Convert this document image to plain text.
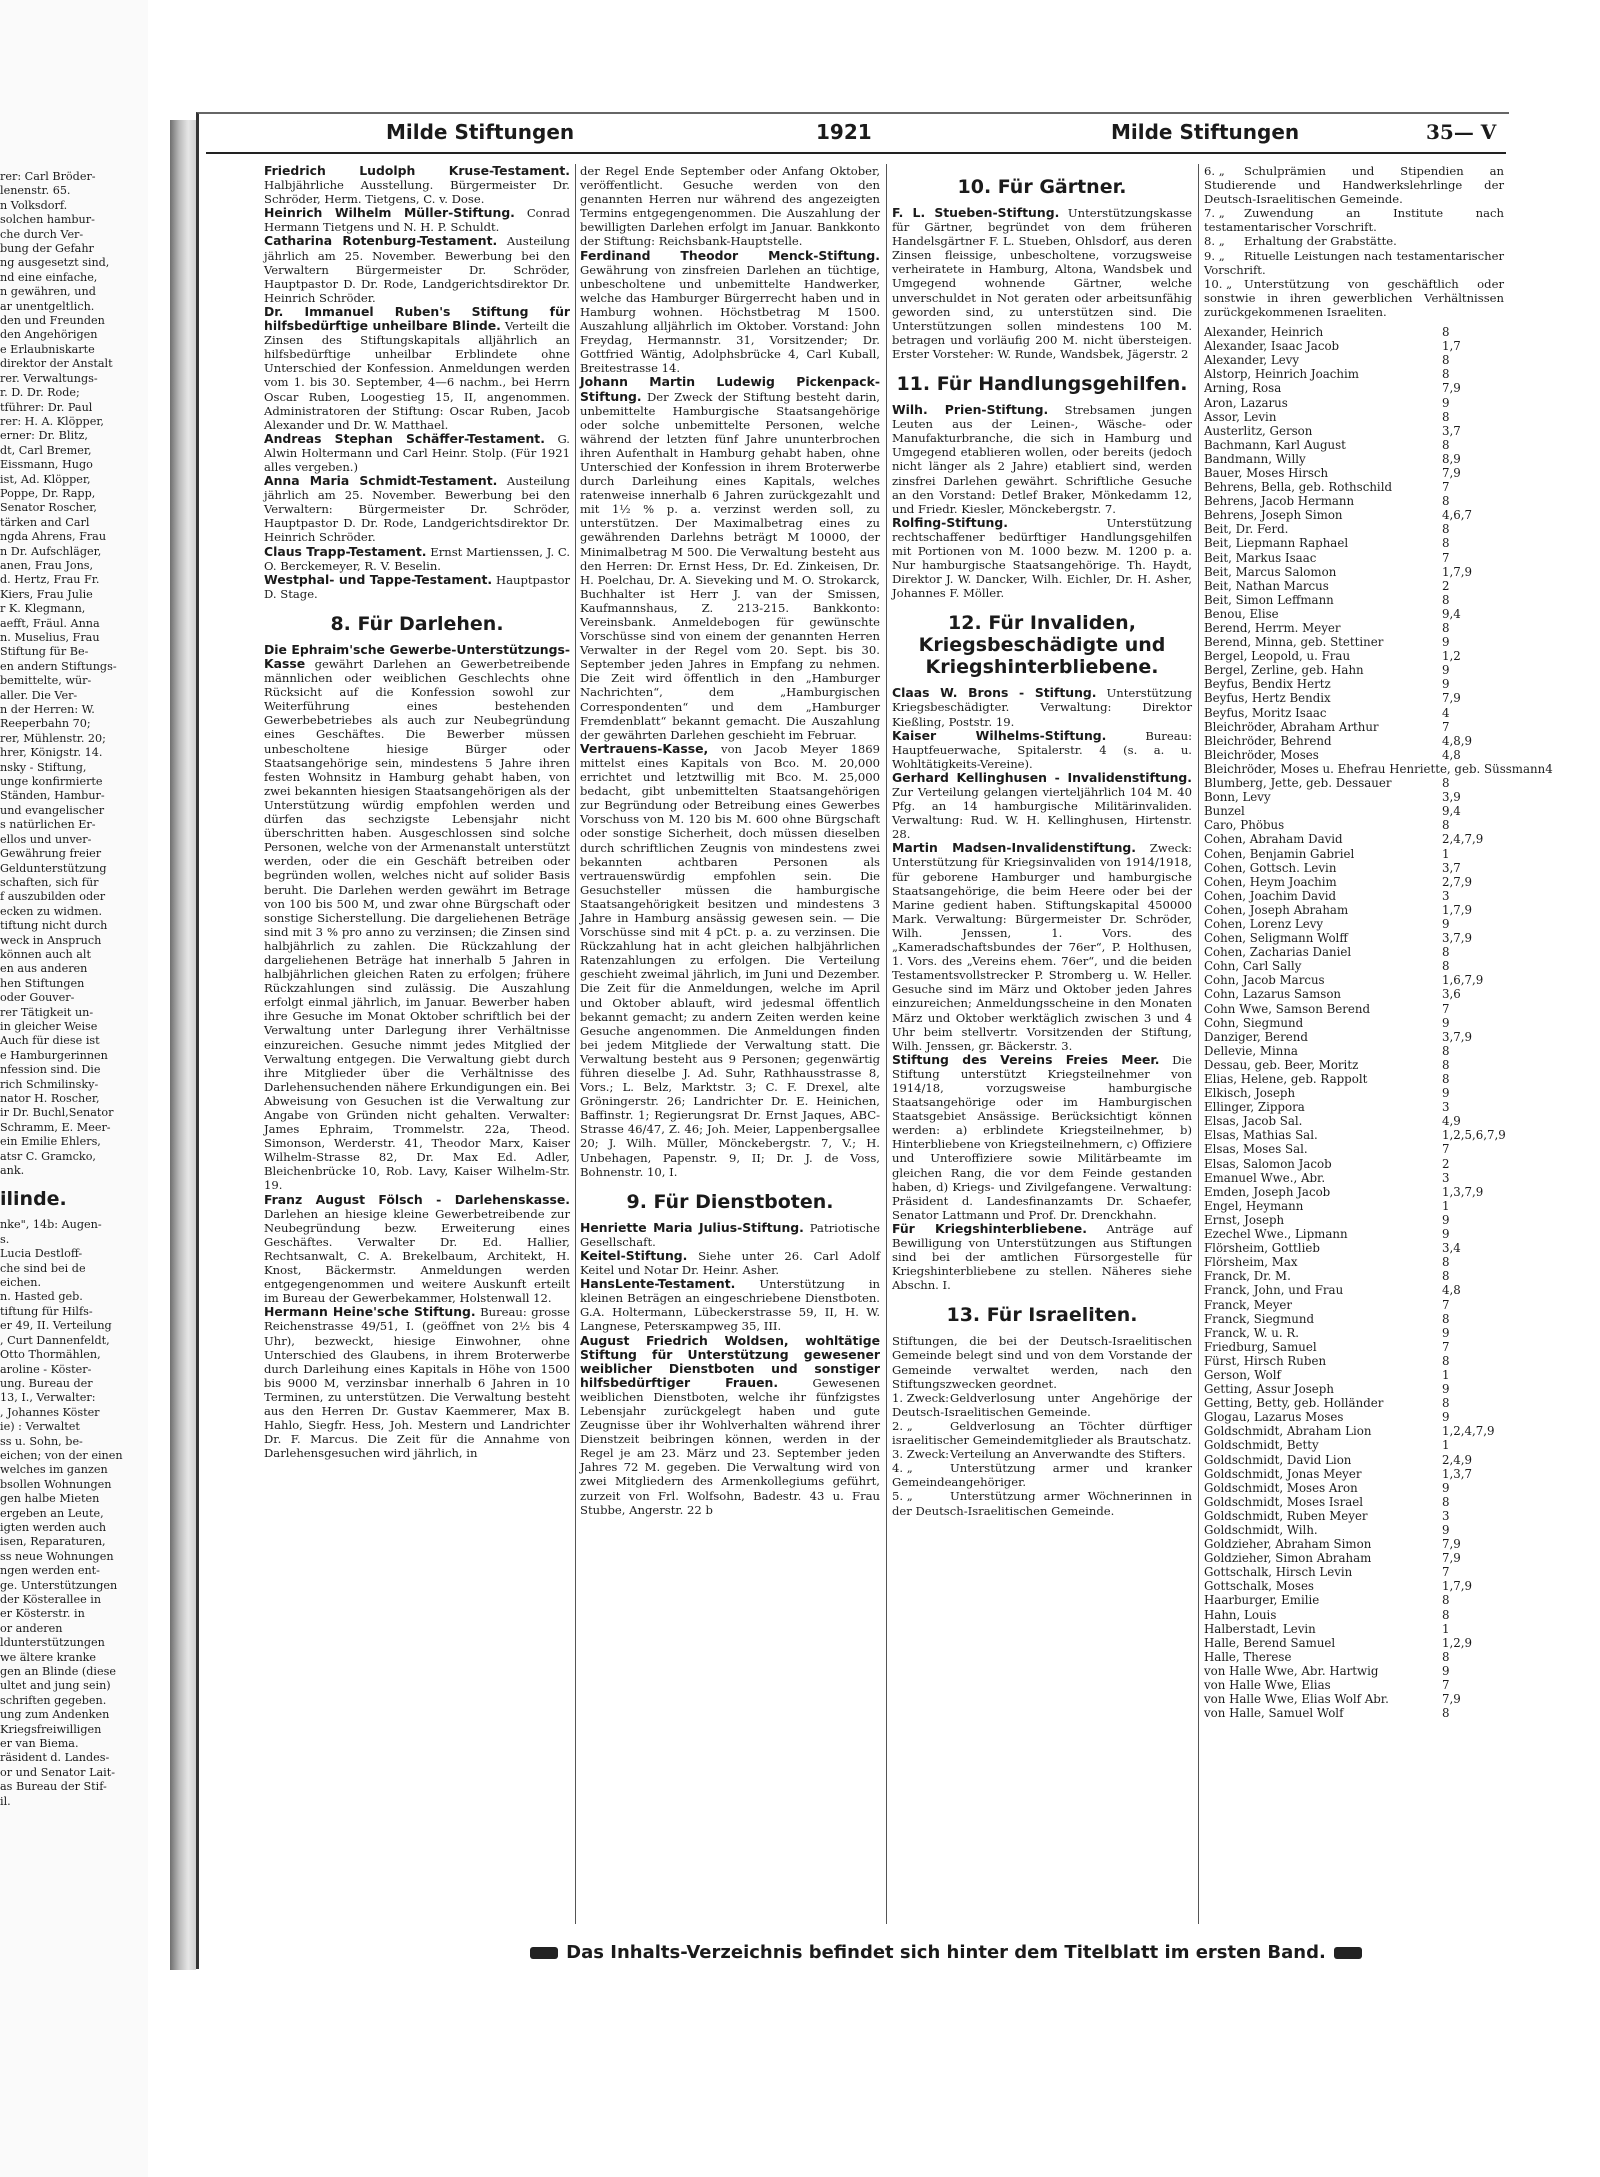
rer: Carl Bröder-

lenenstr. 65.

n Volksdorf.

solchen hambur-

che durch Ver-

bung der Gefahr

ng ausgesetzt sind,

nd eine einfache,

n gewähren, und

ar unentgeltlich.

den und Freunden

den Angehörigen

e Erlaubniskarte

direktor der Anstalt

rer. Verwaltungs-

r. D. Dr. Rode;

tführer: Dr. Paul

rer: H. A. Klöpper,

erner: Dr. Blitz,

dt, Carl Bremer,

Eissmann, Hugo

ist, Ad. Klöpper,

Poppe, Dr. Rapp,

Senator Roscher,

tärken and Carl

ngda Ahrens, Frau

n Dr. Aufschläger,

anen, Frau Jons,

d. Hertz, Frau Fr.

Kiers, Frau Julie

r K. Klegmann,

aefft, Fräul. Anna

n. Muselius, Frau

Stiftung für Be-

en andern Stiftungs-

bemittelte, wür-

aller. Die Ver-

n der Herren: W.

Reeperbahn 70;

rer, Mühlenstr. 20;

hrer, Königstr. 14.

nsky - Stiftung,

unge konfirmierte

Ständen, Hambur-

und evangelischer

s natürlichen Er-

ellos und unver-

Gewährung freier

Geldunterstützung

schaften, sich für

f auszubilden oder

ecken zu widmen.

tiftung nicht durch

weck in Anspruch

können auch alt

en aus anderen

hen Stiftungen

oder Gouver-

rer Tätigkeit un-

in gleicher Weise

Auch für diese ist

e Hamburgerinnen

nfession sind. Die

rich Schmilinsky-

nator H. Roscher,

ir Dr. Buchl,Senator

Schramm, E. Meer-

ein Emilie Ehlers,

atsr C. Gramcko,

ank.

ilinde.

nke", 14b: Augen-

s.

Lucia Destloff-

che sind bei de

eichen.

n. Hasted geb.

tiftung für Hilfs-

er 49, II. Verteilung

, Curt Dannenfeldt,

Otto Thormählen,

aroline - Köster-

ung. Bureau der

13, I., Verwalter:

, Johannes Köster

ie) : Verwaltet

ss u. Sohn, be-

eichen; von der einen

welches im ganzen

bsollen Wohnungen

gen halbe Mieten

ergeben an Leute,

igten werden auch

isen, Reparaturen,

ss neue Wohnungen

ngen werden ent-

ge. Unterstützungen

der Kösterallee in

er Kösterstr. in

or anderen

ldunterstützungen

we ältere kranke

gen an Blinde (diese

ultet and jung sein)

schriften gegeben.

ung zum Andenken

Kriegsfreiwilligen

er van Biema.

räsident d. Landes-

or und Senator Lait-

as Bureau der Stif-

il.

Milde Stiftungen	1921	Milde Stiftungen	35— V

Friedrich Ludolph Kruse-Testament. Halbjährliche Ausstellung. Bürgermeister Dr. Schröder, Herm. Tietgens, C. v. Dose.

Heinrich Wilhelm Müller-Stiftung. Conrad Hermann Tietgens und N. H. P. Schuldt.

Catharina Rotenburg-Testament. Austeilung jährlich am 25. November. Bewerbung bei den Verwaltern Bürgermeister Dr. Schröder, Hauptpastor D. Dr. Rode, Landgerichtsdirektor Dr. Heinrich Schröder.

Dr. Immanuel Ruben's Stiftung für hilfsbedürftige unheilbare Blinde. Verteilt die Zinsen des Stiftungskapitals alljährlich an hilfsbedürftige unheilbar Erblindete ohne Unterschied der Konfession. Anmeldungen werden vom 1. bis 30. September, 4—6 nachm., bei Herrn Oscar Ruben, Loogestieg 15, II, angenommen. Administratoren der Stiftung: Oscar Ruben, Jacob Alexander und Dr. W. Matthael.

Andreas Stephan Schäffer-Testament. G. Alwin Holtermann und Carl Heinr. Stolp. (Für 1921 alles vergeben.)

Anna Maria Schmidt-Testament. Austeilung jährlich am 25. November. Bewerbung bei den Verwaltern: Bürgermeister Dr. Schröder, Hauptpastor D. Dr. Rode, Landgerichtsdirektor Dr. Heinrich Schröder.

Claus Trapp-Testament. Ernst Martienssen, J. C. O. Berckemeyer, R. V. Beselin.

Westphal- und Tappe-Testament. Hauptpastor D. Stage.

8. Für Darlehen.

Die Ephraim'sche Gewerbe-Unterstützungs-Kasse gewährt Darlehen an Gewerbetreibende männlichen oder weiblichen Geschlechts ohne Rücksicht auf die Konfession sowohl zur Weiterführung eines bestehenden Gewerbebetriebes als auch zur Neubegründung eines Geschäftes. Die Bewerber müssen unbescholtene hiesige Bürger oder Staatsangehörige sein, mindestens 5 Jahre ihren festen Wohnsitz in Hamburg gehabt haben, von zwei bekannten hiesigen Staatsangehörigen als der Unterstützung würdig empfohlen werden und dürfen das sechzigste Lebensjahr nicht überschritten haben. Ausgeschlossen sind solche Personen, welche von der Armenanstalt unterstützt werden, oder die ein Geschäft betreiben oder begründen wollen, welches nicht auf solider Basis beruht. Die Darlehen werden gewährt im Betrage von 100 bis 500 M, und zwar ohne Bürgschaft oder sonstige Sicherstellung. Die dargeliehenen Beträge sind mit 3 % pro anno zu verzinsen; die Zinsen sind halbjährlich zu zahlen. Die Rückzahlung der dargeliehenen Beträge hat innerhalb 5 Jahren in halbjährlichen gleichen Raten zu erfolgen; frühere Rückzahlungen sind zulässig. Die Auszahlung erfolgt einmal jährlich, im Januar. Bewerber haben ihre Gesuche im Monat Oktober schriftlich bei der Verwaltung unter Darlegung ihrer Verhältnisse einzureichen. Gesuche nimmt jedes Mitglied der Verwaltung entgegen. Die Verwaltung giebt durch ihre Mitglieder über die Verhältnisse des Darlehensuchenden nähere Erkundigungen ein. Bei Abweisung von Gesuchen ist die Verwaltung zur Angabe von Gründen nicht gehalten. Verwalter: James Ephraim, Trommelstr. 22a, Theod. Simonson, Werderstr. 41, Theodor Marx, Kaiser Wilhelm-Strasse 82, Dr. Max Ed. Adler, Bleichenbrücke 10, Rob. Lavy, Kaiser Wilhelm-Str. 19.

Franz August Fölsch - Darlehenskasse. Darlehen an hiesige kleine Gewerbetreibende zur Neubegründung bezw. Erweiterung eines Geschäftes. Verwalter Dr. Ed. Hallier, Rechtsanwalt, C. A. Brekelbaum, Architekt, H. Knost, Bäckermstr. Anmeldungen werden entgegengenommen und weitere Auskunft erteilt im Bureau der Gewerbekammer, Holstenwall 12.

Hermann Heine'sche Stiftung. Bureau: grosse Reichenstrasse 49/51, I. (geöffnet von 2½ bis 4 Uhr), bezweckt, hiesige Einwohner, ohne Unterschied des Glaubens, in ihrem Broterwerbe durch Darleihung eines Kapitals in Höhe von 1500 bis 9000 M, verzinsbar innerhalb 6 Jahren in 10 Terminen, zu unterstützen. Die Verwaltung besteht aus den Herren Dr. Gustav Kaemmerer, Max B. Hahlo, Siegfr. Hess, Joh. Mestern und Landrichter Dr. F. Marcus. Die Zeit für die Annahme von Darlehensgesuchen wird jährlich, in

der Regel Ende September oder Anfang Oktober, veröffentlicht. Gesuche werden von den genannten Herren nur während des angezeigten Termins entgegengenommen. Die Auszahlung der bewilligten Darlehen erfolgt im Januar. Bankkonto der Stiftung: Reichsbank-Hauptstelle.

Ferdinand Theodor Menck-Stiftung. Gewährung von zinsfreien Darlehen an tüchtige, unbescholtene und unbemittelte Handwerker, welche das Hamburger Bürgerrecht haben und in Hamburg wohnen. Höchstbetrag M 1500. Auszahlung alljährlich im Oktober. Vorstand: John Freydag, Hermannstr. 31, Vorsitzender; Dr. Gottfried Wäntig, Adolphsbrücke 4, Carl Kuball, Breitestrasse 14.

Johann Martin Ludewig Pickenpack-Stiftung. Der Zweck der Stiftung besteht darin, unbemittelte Hamburgische Staatsangehörige oder solche unbemittelte Personen, welche während der letzten fünf Jahre ununterbrochen ihren Aufenthalt in Hamburg gehabt haben, ohne Unterschied der Konfession in ihrem Broterwerbe durch Darleihung eines Kapitals, welches ratenweise innerhalb 6 Jahren zurückgezahlt und mit 1½ % p. a. verzinst werden soll, zu unterstützen. Der Maximalbetrag eines zu gewährenden Darlehns beträgt M 10000, der Minimalbetrag M 500. Die Verwaltung besteht aus den Herren: Dr. Ernst Hess, Dr. Ed. Zinkeisen, Dr. H. Poelchau, Dr. A. Sieveking und M. O. Strokarck, Buchhalter ist Herr J. van der Smissen, Kaufmannshaus, Z. 213-215. Bankkonto: Vereinsbank. Anmeldebogen für gewünschte Vorschüsse sind von einem der genannten Herren Verwalter in der Regel vom 20. Sept. bis 30. September jeden Jahres in Empfang zu nehmen. Die Zeit wird öffentlich in den „Hamburger Nachrichten“, dem „Hamburgischen Correspondenten“ und dem „Hamburger Fremdenblatt“ bekannt gemacht. Die Auszahlung der gewährten Darlehen geschieht im Februar.

Vertrauens-Kasse, von Jacob Meyer 1869 mittelst eines Kapitals von Bco. M. 20,000 errichtet und letztwillig mit Bco. M. 25,000 bedacht, gibt unbemittelten Staatsangehörigen zur Begründung oder Betreibung eines Gewerbes Vorschuss von M. 120 bis M. 600 ohne Bürgschaft oder sonstige Sicherheit, doch müssen dieselben durch schriftlichen Zeugnis von mindestens zwei bekannten achtbaren Personen als vertrauenswürdig empfohlen sein. Die Gesuchsteller müssen die hamburgische Staatsangehörigkeit besitzen und mindestens 3 Jahre in Hamburg ansässig gewesen sein. — Die Vorschüsse sind mit 4 pCt. p. a. zu verzinsen. Die Rückzahlung hat in acht gleichen halbjährlichen Ratenzahlungen zu erfolgen. Die Verteilung geschieht zweimal jährlich, im Juni und Dezember. Die Zeit für die Anmeldungen, welche im April und Oktober ablauft, wird jedesmal öffentlich bekannt gemacht; zu andern Zeiten werden keine Gesuche angenommen. Die Anmeldungen finden bei jedem Mitgliede der Verwaltung statt. Die Verwaltung besteht aus 9 Personen; gegenwärtig führen dieselbe J. Ad. Suhr, Rathhausstrasse 8, Vors.; L. Belz, Marktstr. 3; C. F. Drexel, alte Gröningerstr. 26; Landrichter Dr. E. Heinichen, Baffinstr. 1; Regierungsrat Dr. Ernst Jaques, ABC-Strasse 46/47, Z. 46; Joh. Meier, Lappenbergsallee 20; J. Wilh. Müller, Mönckebergstr. 7, V.; H. Unbehagen, Papenstr. 9, II; Dr. J. de Voss, Bohnenstr. 10, I.

9. Für Dienstboten.

Henriette Maria Julius-Stiftung. Patriotische Gesellschaft.

Keitel-Stiftung. Siehe unter 26. Carl Adolf Keitel und Notar Dr. Heinr. Asher.

HansLente-Testament. Unterstützung in kleinen Beträgen an eingeschriebene Dienstboten. G.A. Holtermann, Lübeckerstrasse 59, II, H. W. Langnese, Petersкampweg 35, III.

August Friedrich Woldsen, wohltätige Stiftung für Unterstützung gewesener weiblicher Dienstboten und sonstiger hilfsbedürftiger Frauen.	Gewesenen weiblichen Dienstboten, welche ihr fünfzigstes Lebensjahr zurückgelegt haben und gute Zeugnisse über ihr Wohlverhalten während ihrer Dienstzeit beibringen können, werden in der Regel je am 23. März und 23. September jeden Jahres 72 M. gegeben. Die Verwaltung wird von zwei Mitgliedern des Armenkollegiums geführt, zurzeit von Frl. Wolfsohn, Badestr. 43 u. Frau Stubbe, Angerstr. 22 b

10. Für Gärtner.

F. L. Stueben-Stiftung. Unterstützungskasse für Gärtner, begründet von dem früheren Handelsgärtner F. L. Stueben, Ohlsdorf, aus deren Zinsen fleissige, unbescholtene, vorzugsweise verheiratete in Hamburg, Altona, Wandsbek und Umgegend wohnende Gärtner, welche unverschuldet in Not geraten oder arbeitsunfähig geworden sind, zu unterstützen sind. Die Unterstützungen sollen mindestens 100 M. betragen und vorläufig 200 M. nicht übersteigen. Erster Vorsteher: W. Runde, Wandsbek, Jägerstr. 2

11. Für Handlungsgehilfen.

Wilh. Prien-Stiftung. Strebsamen jungen Leuten aus der Leinen-, Wäsche- oder Manufakturbranche, die sich in Hamburg und Umgegend etablieren wollen, oder bereits (jedoch nicht länger als 2 Jahre) etabliert sind, werden zinsfrei Darlehen gewährt. Schriftliche Gesuche an den Vorstand: Detlef Braker, Mönkedamm 12, und Friedr. Kiesler, Mönckebergstr. 7.

Rolfing-Stiftung.	Unterstützung rechtschaffener bedürftiger Handlungsgehilfen mit Portionen von M. 1000 bezw. M. 1200 p. a. Nur hamburgische Staatsangehörige. Th. Haydt, Direktor J. W. Dancker, Wilh. Eichler, Dr. H. Asher, Johannes F. Möller.

12. Für Invaliden, Kriegsbeschädigte und Kriegshinterbliebene.

Claas W. Brons - Stiftung. Unterstützung Kriegsbeschädigter. Verwaltung: Direktor Kießling, Poststr. 19.

Kaiser Wilhelms-Stiftung.	Bureau: Hauptfeuerwache, Spitalerstr. 4 (s. a. u. Wohltätigkeits-Vereine).

Gerhard Kellinghusen - Invalidenstiftung. Zur Verteilung gelangen vierteljährlich 104 M. 40 Pfg. an 14 hamburgische Militärinvaliden. Verwaltung: Rud. W. H. Kellinghusen, Hirtenstr. 28.

Martin Madsen-Invalidenstiftung. Zweck: Unterstützung für Kriegsinvaliden von 1914/1918, für geborene Hamburger und hamburgische Staatsangehörige, die beim Heere oder bei der Marine gedient haben. Stiftungskapital 450000 Mark. Verwaltung: Bürgermeister Dr. Schröder, Wilh. Jenssen, 1. Vors. des „Kameradschaftsbundes der 76er“, P. Holthusen, 1. Vors. des „Vereins ehem. 76er“, und die beiden Testamentsvollstrecker P. Stromberg u. W. Heller. Gesuche sind im März und Oktober jeden Jahres einzureichen; Anmeldungsscheine in den Monaten März und Oktober werktäglich zwischen 3 und 4 Uhr beim stellvertr. Vorsitzenden der Stiftung, Wilh. Jenssen, gr. Bäckerstr. 3.

Stiftung des Vereins Freies Meer. Die Stiftung unterstützt Kriegsteilnehmer von 1914/18, vorzugsweise hamburgische Staatsangehörige oder im Hamburgischen Staatsgebiet Ansässige. Berücksichtigt können werden: a) erblindete Kriegsteilnehmer, b) Hinterbliebene von Kriegsteilnehmern, c) Offiziere und Unteroffiziere sowie Militärbeamte im gleichen Rang, die vor dem Feinde gestanden haben, d) Kriegs- und Zivilgefangene. Verwaltung: Präsident d. Landesfinanzamts Dr. Schaefer, Senator Lattmann und Prof. Dr. Drenckhahn.

Für Kriegshinterbliebene. Anträge auf Bewilligung von Unterstützungen aus Stiftungen sind bei der amtlichen Fürsorgestelle für Kriegshinterbliebene zu stellen. Näheres siehe Abschn. I.

13. Für Israeliten.

Stiftungen, die bei der Deutsch-Israelitischen Gemeinde belegt sind und von dem Vorstande der Gemeinde verwaltet werden, nach den Stiftungszwecken geordnet.

1. Zweck:Geldverlosung unter Angehörige der Deutsch-Israelitischen Gemeinde.

2. „	Geldverlosung an Töchter dürftiger israelitischer Gemeindemitglieder als Brautschatz.

3. Zweck:Verteilung an Anverwandte des Stifters.

4. „	Unterstützung armer und kranker Gemeindeangehöriger.

5. „	Unterstützung armer Wöchnerinnen in der Deutsch-Israelitischen Gemeinde.

6. „ Schulprämien und Stipendien an Studierende und Handwerkslehrlinge der Deutsch-Israelitischen Gemeinde.

7. „ Zuwendung an Institute nach testamentarischer Vorschrift.

8. „ Erhaltung der Grabstätte.

9. „ Rituelle Leistungen nach testamentarischer Vorschrift.

10. „ Unterstützung von geschäftlich oder sonstwie in ihren gewerblichen Verhältnissen zurückgekommenen Israeliten.

Alexander, Heinrich	8
Alexander, Isaac Jacob	1,7
Alexander, Levy	8
Alstorp, Heinrich Joachim	8
Arning, Rosa	7,9
Aron, Lazarus	9
Assor, Levin	8
Austerlitz, Gerson	3,7
Bachmann, Karl August	8
Bandmann, Willy	8,9
Bauer, Moses Hirsch	7,9
Behrens, Bella, geb. Rothschild	7
Behrens, Jacob Hermann	8
Behrens, Joseph Simon	4,6,7
Beit, Dr. Ferd.	8
Beit, Liepmann Raphael	8
Beit, Markus Isaac	7
Beit, Marcus Salomon	1,7,9
Beit, Nathan Marcus	2
Beit, Simon Leffmann	8
Benou, Elise	9,4
Berend, Herrm. Meyer	8
Berend, Minna, geb. Stettiner	9
Bergel, Leopold, u. Frau	1,2
Bergel, Zerline, geb. Hahn	9
Beyfus, Bendix Hertz	9
Beyfus, Hertz Bendix	7,9
Beyfus, Moritz Isaac	4
Bleichröder, Abraham Arthur	7
Bleichröder, Behrend	4,8,9
Bleichröder, Moses	4,8
Bleichröder, Moses u. Ehefrau Henriette, geb. Süssmann 4
Blumberg, Jette, geb. Dessauer	8
Bonn, Levy	3,9
Bunzel	9,4
Caro, Phöbus	8
Cohen, Abraham David	2,4,7,9
Cohen, Benjamin Gabriel	1
Cohen, Gottsch. Levin	3,7
Cohen, Heym Joachim	2,7,9
Cohen, Joachim David	3
Cohen, Joseph Abraham	1,7,9
Cohen, Lorenz Levy	9
Cohen, Seligmann Wolff	3,7,9
Cohen, Zacharias Daniel	8
Cohn, Carl Sally	8
Cohn, Jacob Marcus	1,6,7,9
Cohn, Lazarus Samson	3,6
Cohn Wwe, Samson Berend	7
Cohn, Siegmund	9
Danziger, Berend	3,7,9
Dellevie, Minna	8
Dessau, geb. Beer, Moritz	8
Elias, Helene, geb. Rappolt	8
Elkisch, Joseph	9
Ellinger, Zippora	3
Elsas, Jacob Sal.	4,9
Elsas, Mathias Sal.	1,2,5,6,7,9
Elsas, Moses Sal.	7
Elsas, Salomon Jacob	2
Emanuel Wwe., Abr.	3
Emden, Joseph Jacob	1,3,7,9
Engel, Heymann	1
Ernst, Joseph	9
Ezechel Wwe., Lipmann	9
Flörsheim, Gottlieb	3,4
Flörsheim, Max	8
Franck, Dr. M.	8
Franck, John, und Frau	4,8
Franck, Meyer	7
Franck, Siegmund	8
Franck, W. u. R.	9
Friedburg, Samuel	7
Fürst, Hirsch Ruben	8
Gerson, Wolf	1
Getting, Assur Joseph	9
Getting, Betty, geb. Holländer	8
Glogau, Lazarus Moses	9
Goldschmidt, Abraham Lion	1,2,4,7,9
Goldschmidt, Betty	1
Goldschmidt, David Lion	2,4,9
Goldschmidt, Jonas Meyer	1,3,7
Goldschmidt, Moses Aron	9
Goldschmidt, Moses Israel	8
Goldschmidt, Ruben Meyer	3
Goldschmidt, Wilh.	9
Goldzieher, Abraham Simon	7,9
Goldzieher, Simon Abraham	7,9
Gottschalk, Hirsch Levin	7
Gottschalk, Moses	1,7,9
Haarburger, Emilie	8
Hahn, Louis	8
Halberstadt, Levin	1
Halle, Berend Samuel	1,2,9
Halle, Therese	8
von Halle Wwe, Abr. Hartwig	9
von Halle Wwe, Elias	7
von Halle Wwe, Elias Wolf Abr.	7,9
von Halle, Samuel Wolf	8
Das Inhalts-Verzeichnis befindet sich hinter dem Titelblatt im ersten Band.
